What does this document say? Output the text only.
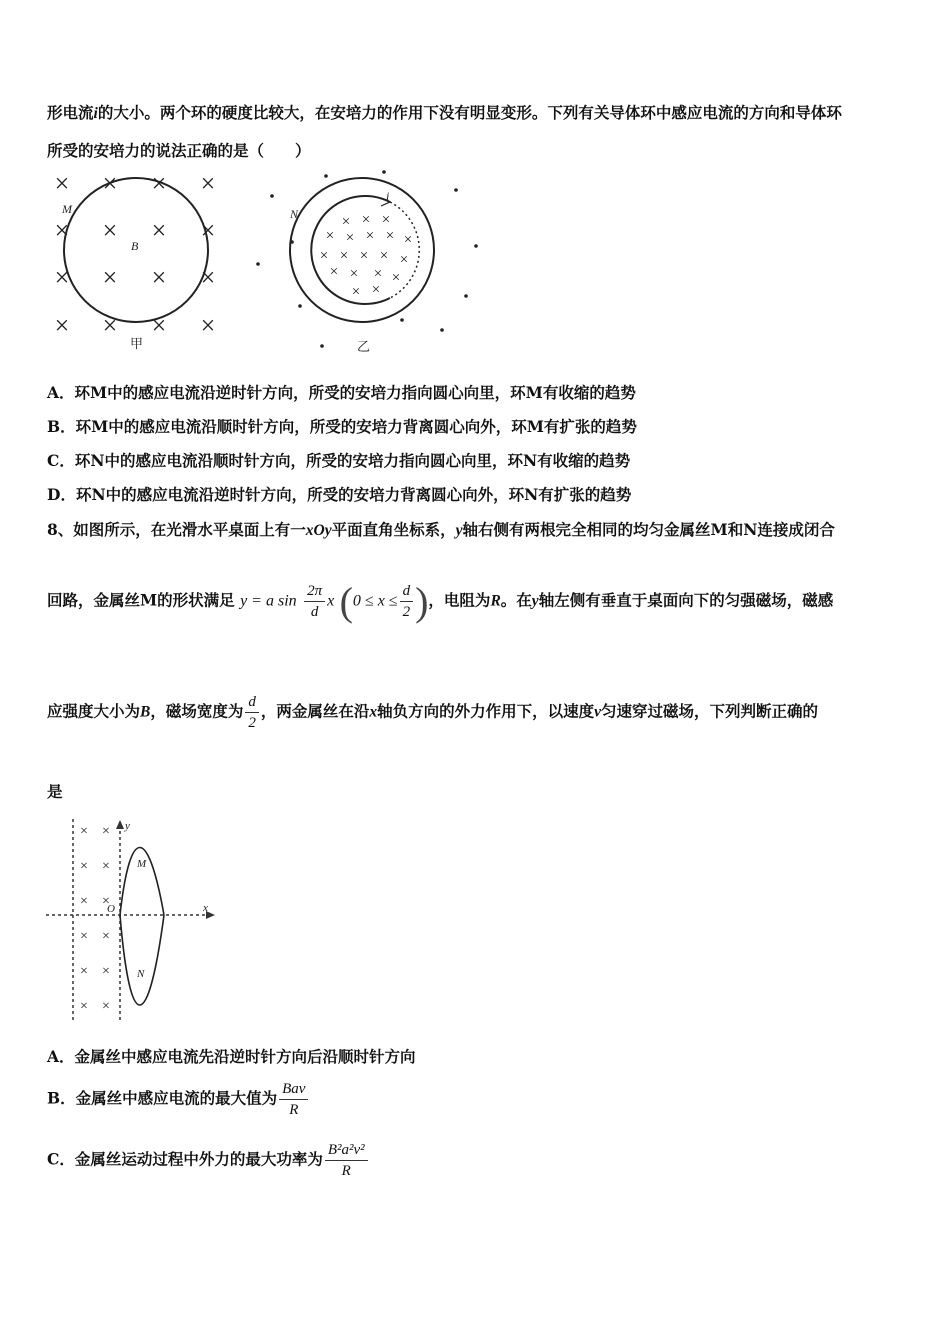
形电流i的大小。两个环的硬度比较大，在安培力的作用下没有明显变形。下列有关导体环中感应电流的方向和导体环
所受的安培力的说法正确的是（　　）
× × × ×
× × × ×
× × × ×
× × × ×
M
B
甲
× × ×
× × × × ×
× × × × ×
× × × ×
× ×
N
i
乙
A．环M中的感应电流沿逆时针方向，所受的安培力指向圆心向里，环M有收缩的趋势
B．环M中的感应电流沿顺时针方向，所受的安培力背离圆心向外，环M有扩张的趋势
C．环N中的感应电流沿顺时针方向，所受的安培力指向圆心向里，环N有收缩的趋势
D．环N中的感应电流沿逆时针方向，所受的安培力背离圆心向外，环N有扩张的趋势
8、如图所示，在光滑水平桌面上有一xOy平面直角坐标系，y轴右侧有两根完全相同的均匀金属丝M和N连接成闭合
回路，金属丝M的形状满足 y = a $\sin \frac{2\pi}{d}$ x ($0 \le x \le \frac{d}{2}$ )，电阻为R。在y轴左侧有垂直于桌面向下的匀强磁场，磁感
应强度大小为B，磁场宽度为 $\frac{d}{2}$ ，两金属丝在沿x轴负方向的外力作用下，以速度v匀速穿过磁场，下列判断正确的
是
y
x
O
M
N
× ×
× ×
× ×
× ×
× ×
× ×
A．金属丝中感应电流先沿逆时针方向后沿顺时针方向
B．金属丝中感应电流的最大值为 $\frac{\text{Bav}}{R}$
C．金属丝运动过程中外力的最大功率为 $\frac{\text{B²a²v²}}{R}$
